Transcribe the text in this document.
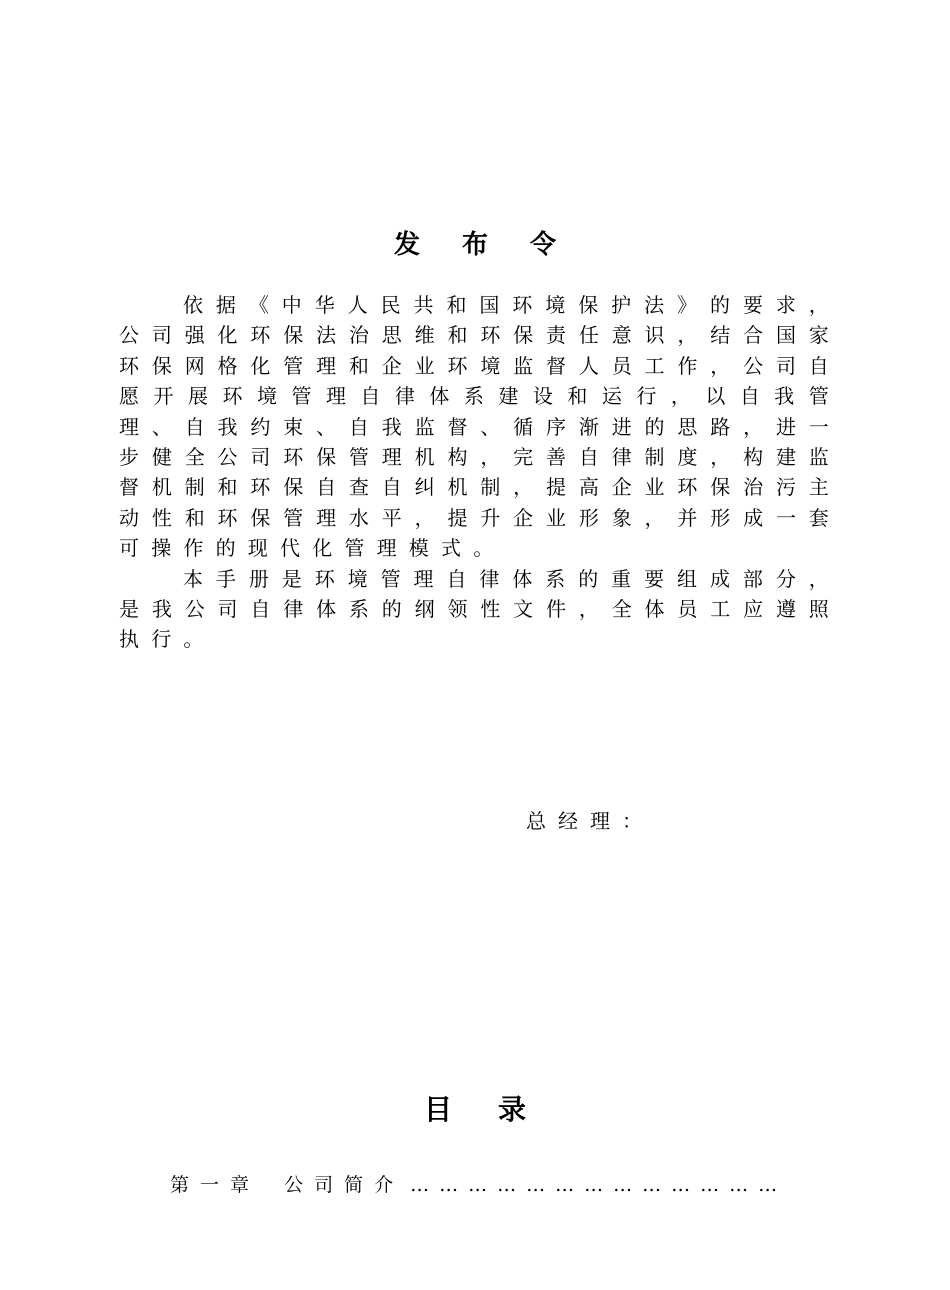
发布令

依据《中华人民共和国环境保护法》的要求，公司强化环保法治思维和环保责任意识，结合国家环保网格化管理和企业环境监督人员工作，公司自愿开展环境管理自律体系建设和运行，以自我管理、自我约束、自我监督、循序渐进的思路，进一步健全公司环保管理机构，完善自律制度，构建监督机制和环保自查自纠机制，提高企业环保治污主动性和环保管理水平，提升企业形象，并形成一套可操作的现代化管理模式。

本手册是环境管理自律体系的重要组成部分，是我公司自律体系的纲领性文件，全体员工应遵照执行。

总经理：
目录
第一章 公司简介 …………………………………
